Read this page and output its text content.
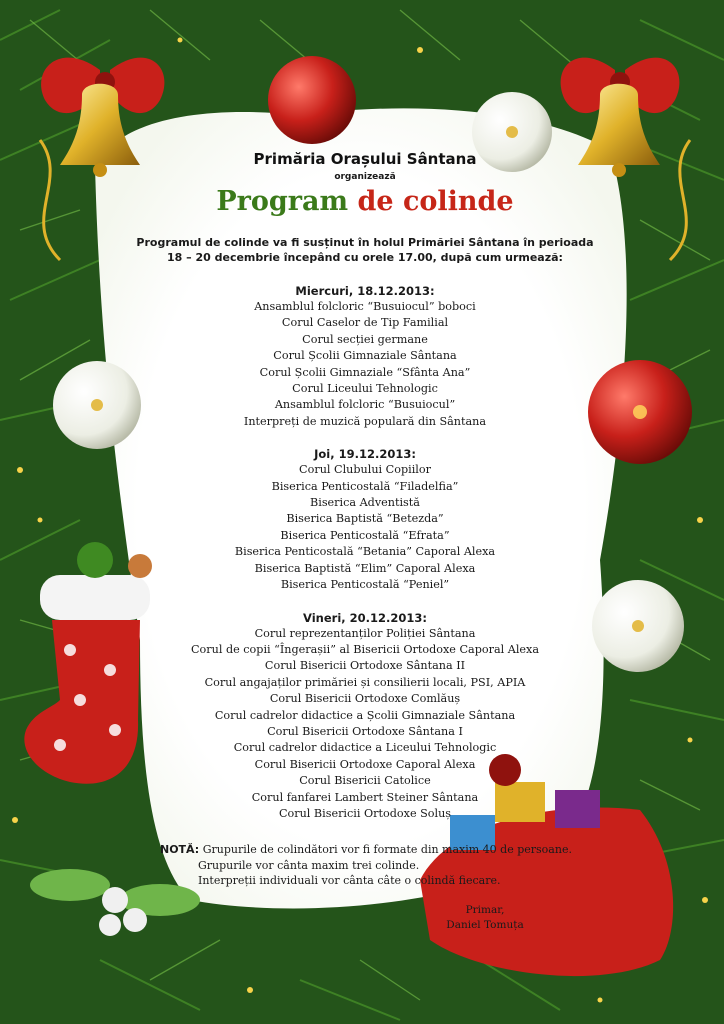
Primăria Orașului Sântana

organizează

Program de colinde
Programul de colinde va fi susținut în holul Primăriei Sântana în perioada
18 – 20 decembrie începând cu orele 17.00, după cum urmează:
Miercuri, 18.12.2013:
Ansamblul folcloric “Busuiocul” boboci
Corul Caselor de Tip Familial
Corul secției germane
Corul Școlii Gimnaziale Sântana
Corul Școlii Gimnaziale “Sfânta Ana”
Corul Liceului Tehnologic
Ansamblul folcloric “Busuiocul”
Interpreți de muzică populară din Sântana
Joi, 19.12.2013:
Corul Clubului Copiilor
Biserica Penticostală “Filadelfia”
Biserica Adventistă
Biserica Baptistă “Betezda”
Biserica Penticostală “Efrata”
Biserica Penticostală “Betania” Caporal Alexa
Biserica Baptistă “Elim” Caporal Alexa
Biserica Penticostală “Peniel”
Vineri, 20.12.2013:
Corul reprezentanților Poliției Sântana
Corul de copii “Îngerașii” al Bisericii Ortodoxe Caporal Alexa
Corul Bisericii Ortodoxe Sântana II
Corul angajaților primăriei și consilierii locali, PSI, APIA
Corul Bisericii Ortodoxe Comlăuș
Corul cadrelor didactice a Școlii Gimnaziale Sântana
Corul Bisericii Ortodoxe Sântana I
Corul cadrelor didactice a Liceului Tehnologic
Corul Bisericii Ortodoxe Caporal Alexa
Corul Bisericii Catolice
Corul fanfarei Lambert Steiner Sântana
Corul Bisericii Ortodoxe Soluș
NOTĂ: Grupurile de colindători vor fi formate din maxim 40 de persoane.
Grupurile vor cânta maxim trei colinde.
Interpreții individuali vor cânta câte o colindă fiecare.
Primar,
Daniel Tomuța
